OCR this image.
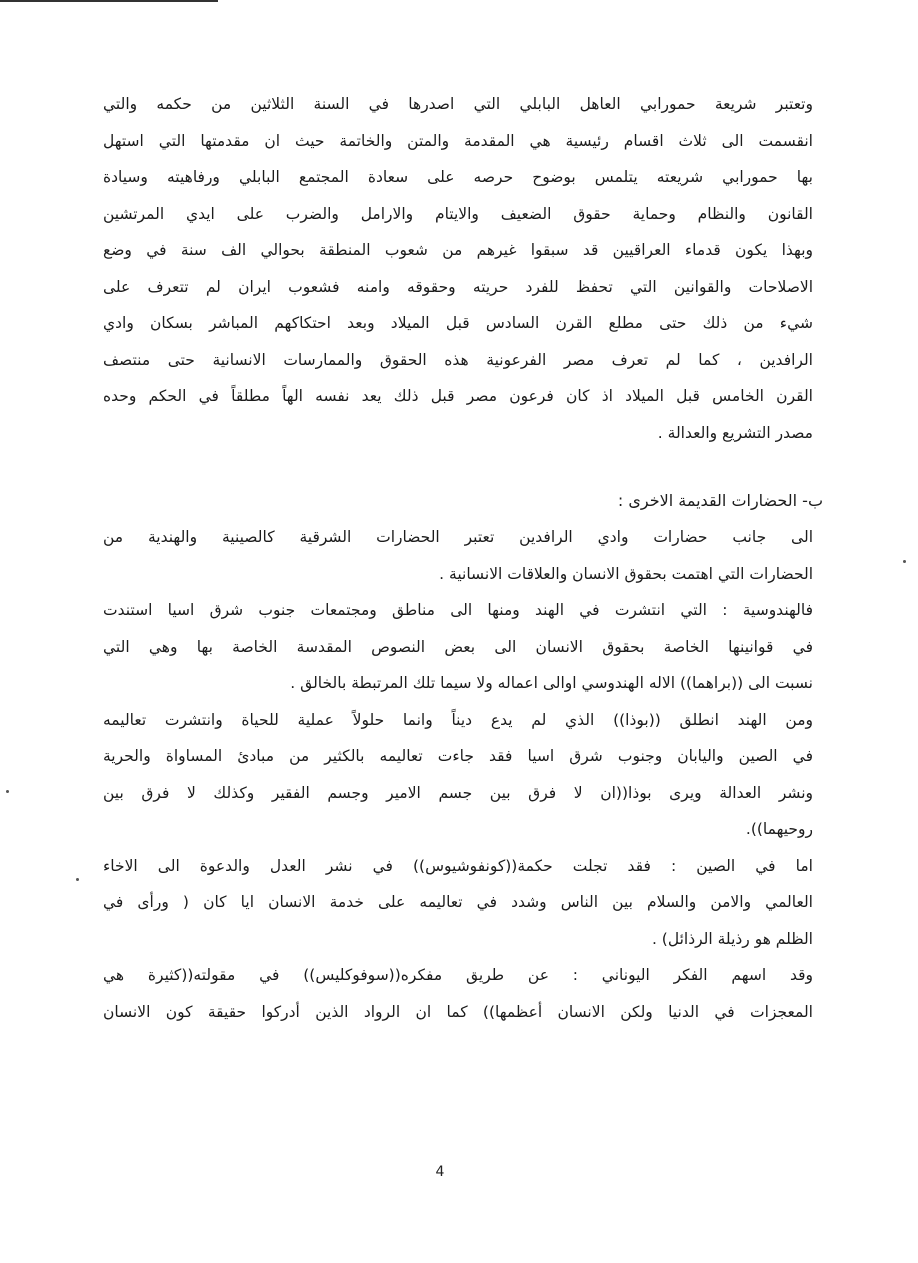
وتعتبر شريعة حمورابي العاهل البابلي التي اصدرها في السنة الثلاثين من حكمه والتي
انقسمت الى ثلاث اقسام رئيسية هي المقدمة والمتن والخاتمة حيث ان مقدمتها التي استهل
بها حمورابي شريعته يتلمس بوضوح حرصه على سعادة المجتمع البابلي ورفاهيته وسيادة
القانون والنظام وحماية حقوق الضعيف والايتام والارامل والضرب على ايدي المرتشين
وبهذا يكون قدماء العراقيين قد سبقوا غيرهم من شعوب المنطقة بحوالي الف سنة في وضع
الاصلاحات والقوانين التي تحفظ للفرد حريته وحقوقه وامنه فشعوب ايران لم تتعرف على
شيء من ذلك حتى مطلع القرن السادس قبل الميلاد وبعد احتكاكهم المباشر بسكان وادي
الرافدين ، كما لم تعرف مصر الفرعونية هذه الحقوق والممارسات الانسانية حتى منتصف
القرن الخامس قبل الميلاد اذ كان فرعون مصر قبل ذلك يعد نفسه الهاً مطلقاً في الحكم وحده
مصدر التشريع والعدالة .
ب- الحضارات القديمة الاخرى :
الى جانب حضارات وادي الرافدين تعتبر الحضارات الشرقية كالصينية والهندية من
الحضارات التي اهتمت بحقوق الانسان والعلاقات الانسانية .
فالهندوسية : التي انتشرت في الهند ومنها الى مناطق ومجتمعات جنوب شرق اسيا استندت
في قوانينها الخاصة بحقوق الانسان الى بعض النصوص المقدسة الخاصة بها وهي التي
نسبت الى ((براهما)) الاله الهندوسي اوالى اعماله ولا سيما تلك المرتبطة بالخالق .
ومن الهند انطلق ((بوذا)) الذي لم يدع ديناً وانما حلولاً عملية للحياة وانتشرت تعاليمه
في الصين واليابان وجنوب شرق اسيا فقد جاءت تعاليمه بالكثير من مبادئ المساواة والحرية
ونشر العدالة ويرى بوذا((ان لا فرق بين جسم الامير وجسم الفقير وكذلك لا فرق بين
روحيهما)).
اما في الصين : فقد تجلت حكمة((كونفوشيوس)) في نشر العدل والدعوة الى الاخاء
العالمي والامن والسلام بين الناس وشدد في تعاليمه على خدمة الانسان ايا كان ( ورأى في
الظلم هو رذيلة الرذائل) .
وقد اسهم الفكر اليوناني : عن طريق مفكره((سوفوكليس)) في مقولته((كثيرة هي
المعجزات في الدنيا ولكن الانسان أعظمها)) كما ان الرواد الذين أدركوا حقيقة كون الانسان
4
